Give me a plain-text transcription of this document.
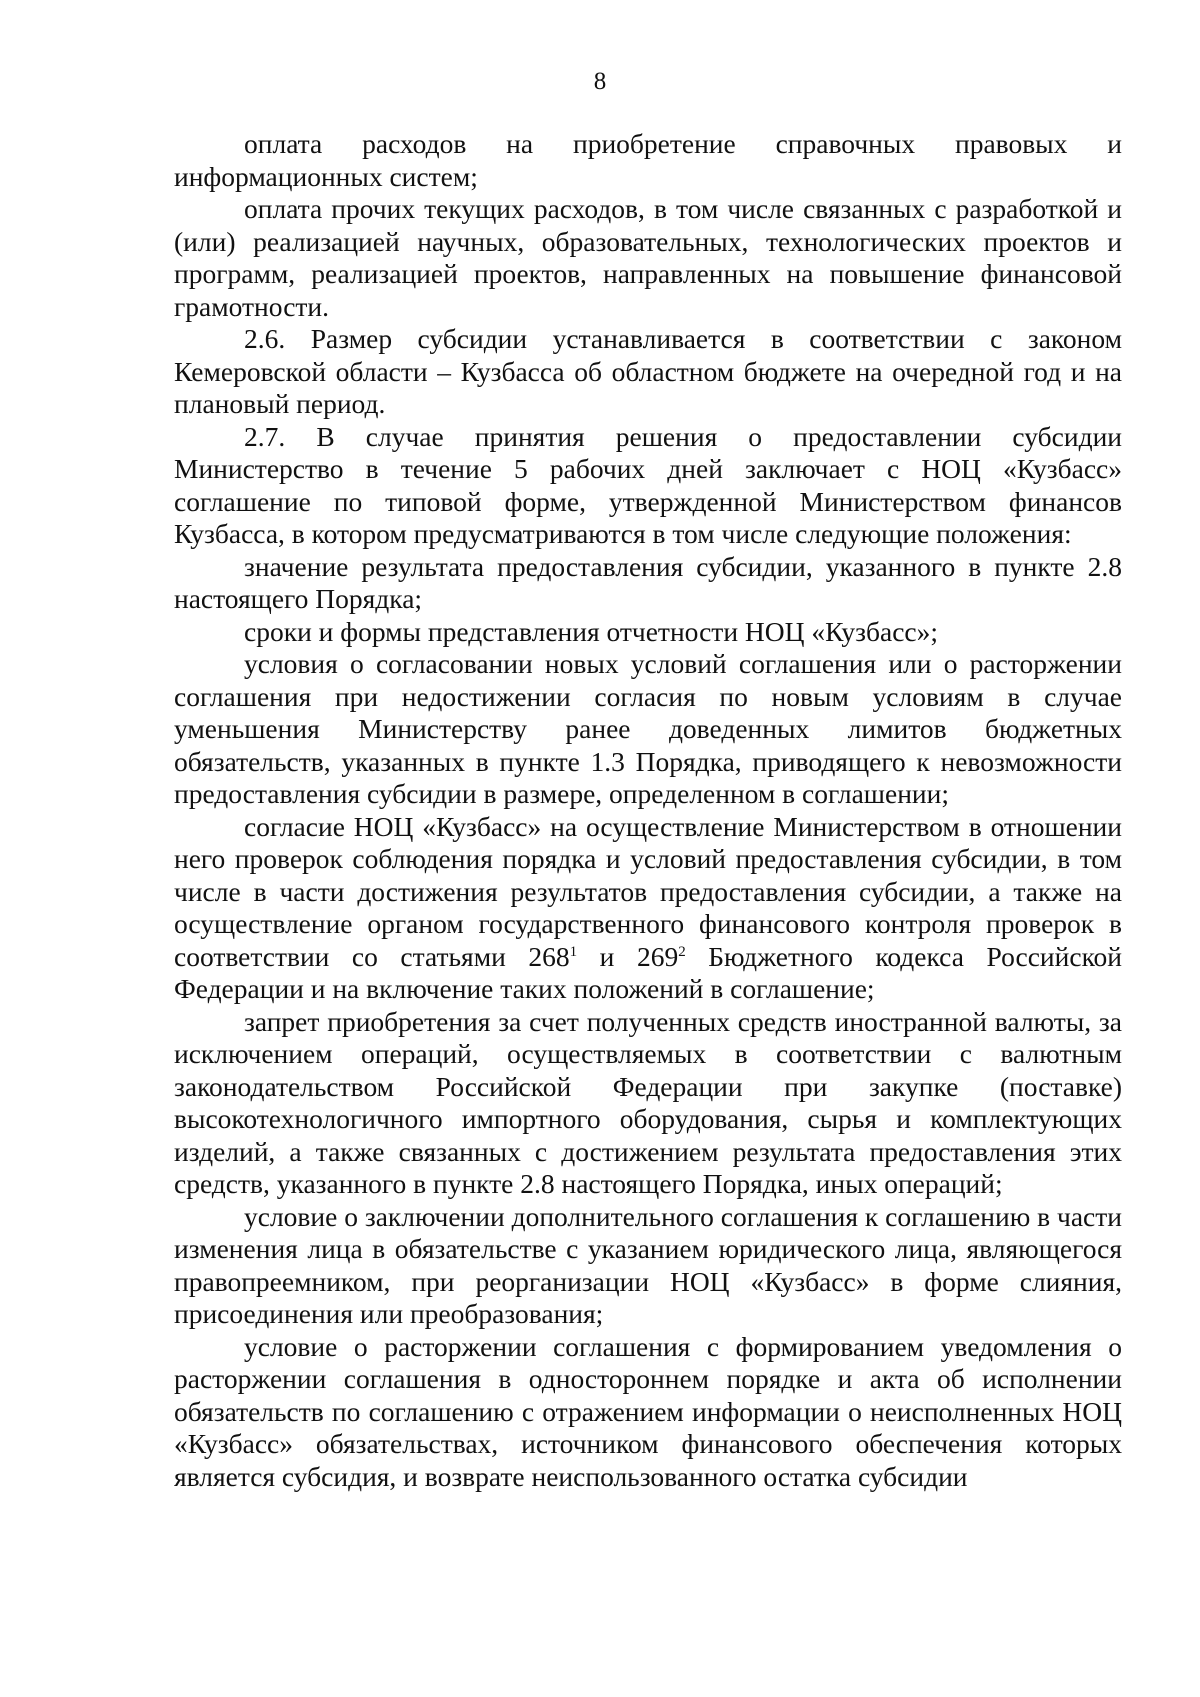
8

оплата расходов на приобретение справочных правовых и информационных систем;

оплата прочих текущих расходов, в том числе связанных с разработкой и (или) реализацией научных, образовательных, технологических проектов и программ, реализацией проектов, направленных на повышение финансовой грамотности.

2.6. Размер субсидии устанавливается в соответствии с законом Кемеровской области – Кузбасса об областном бюджете на очередной год и на плановый период.

2.7. В случае принятия решения о предоставлении субсидии Министерство в течение 5 рабочих дней заключает с НОЦ «Кузбасс» соглашение по типовой форме, утвержденной Министерством финансов Кузбасса, в котором предусматриваются в том числе следующие положения:

значение результата предоставления субсидии, указанного в пункте 2.8 настоящего Порядка;

сроки и формы представления отчетности НОЦ «Кузбасс»;

условия о согласовании новых условий соглашения или о расторжении соглашения при недостижении согласия по новым условиям в случае уменьшения Министерству ранее доведенных лимитов бюджетных обязательств, указанных в пункте 1.3 Порядка, приводящего к невозможности предоставления субсидии в размере, определенном в соглашении;

согласие НОЦ «Кузбасс» на осуществление Министерством в отношении него проверок соблюдения порядка и условий предоставления субсидии, в том числе в части достижения результатов предоставления субсидии, а также на осуществление органом государственного финансового контроля проверок в соответствии со статьями $268^1$ и $269^2$ Бюджетного кодекса Российской Федерации и на включение таких положений в соглашение;

запрет приобретения за счет полученных средств иностранной валюты, за исключением операций, осуществляемых в соответствии с валютным законодательством Российской Федерации при закупке (поставке) высокотехнологичного импортного оборудования, сырья и комплектующих изделий, а также связанных с достижением результата предоставления этих средств, указанного в пункте 2.8 настоящего Порядка, иных операций;

условие о заключении дополнительного соглашения к соглашению в части изменения лица в обязательстве с указанием юридического лица, являющегося правопреемником, при реорганизации НОЦ «Кузбасс» в форме слияния, присоединения или преобразования;

условие о расторжении соглашения с формированием уведомления о расторжении соглашения в одностороннем порядке и акта об исполнении обязательств по соглашению с отражением информации о неисполненных НОЦ «Кузбасс» обязательствах, источником финансового обеспечения которых является субсидия, и возврате неиспользованного остатка субсидии
